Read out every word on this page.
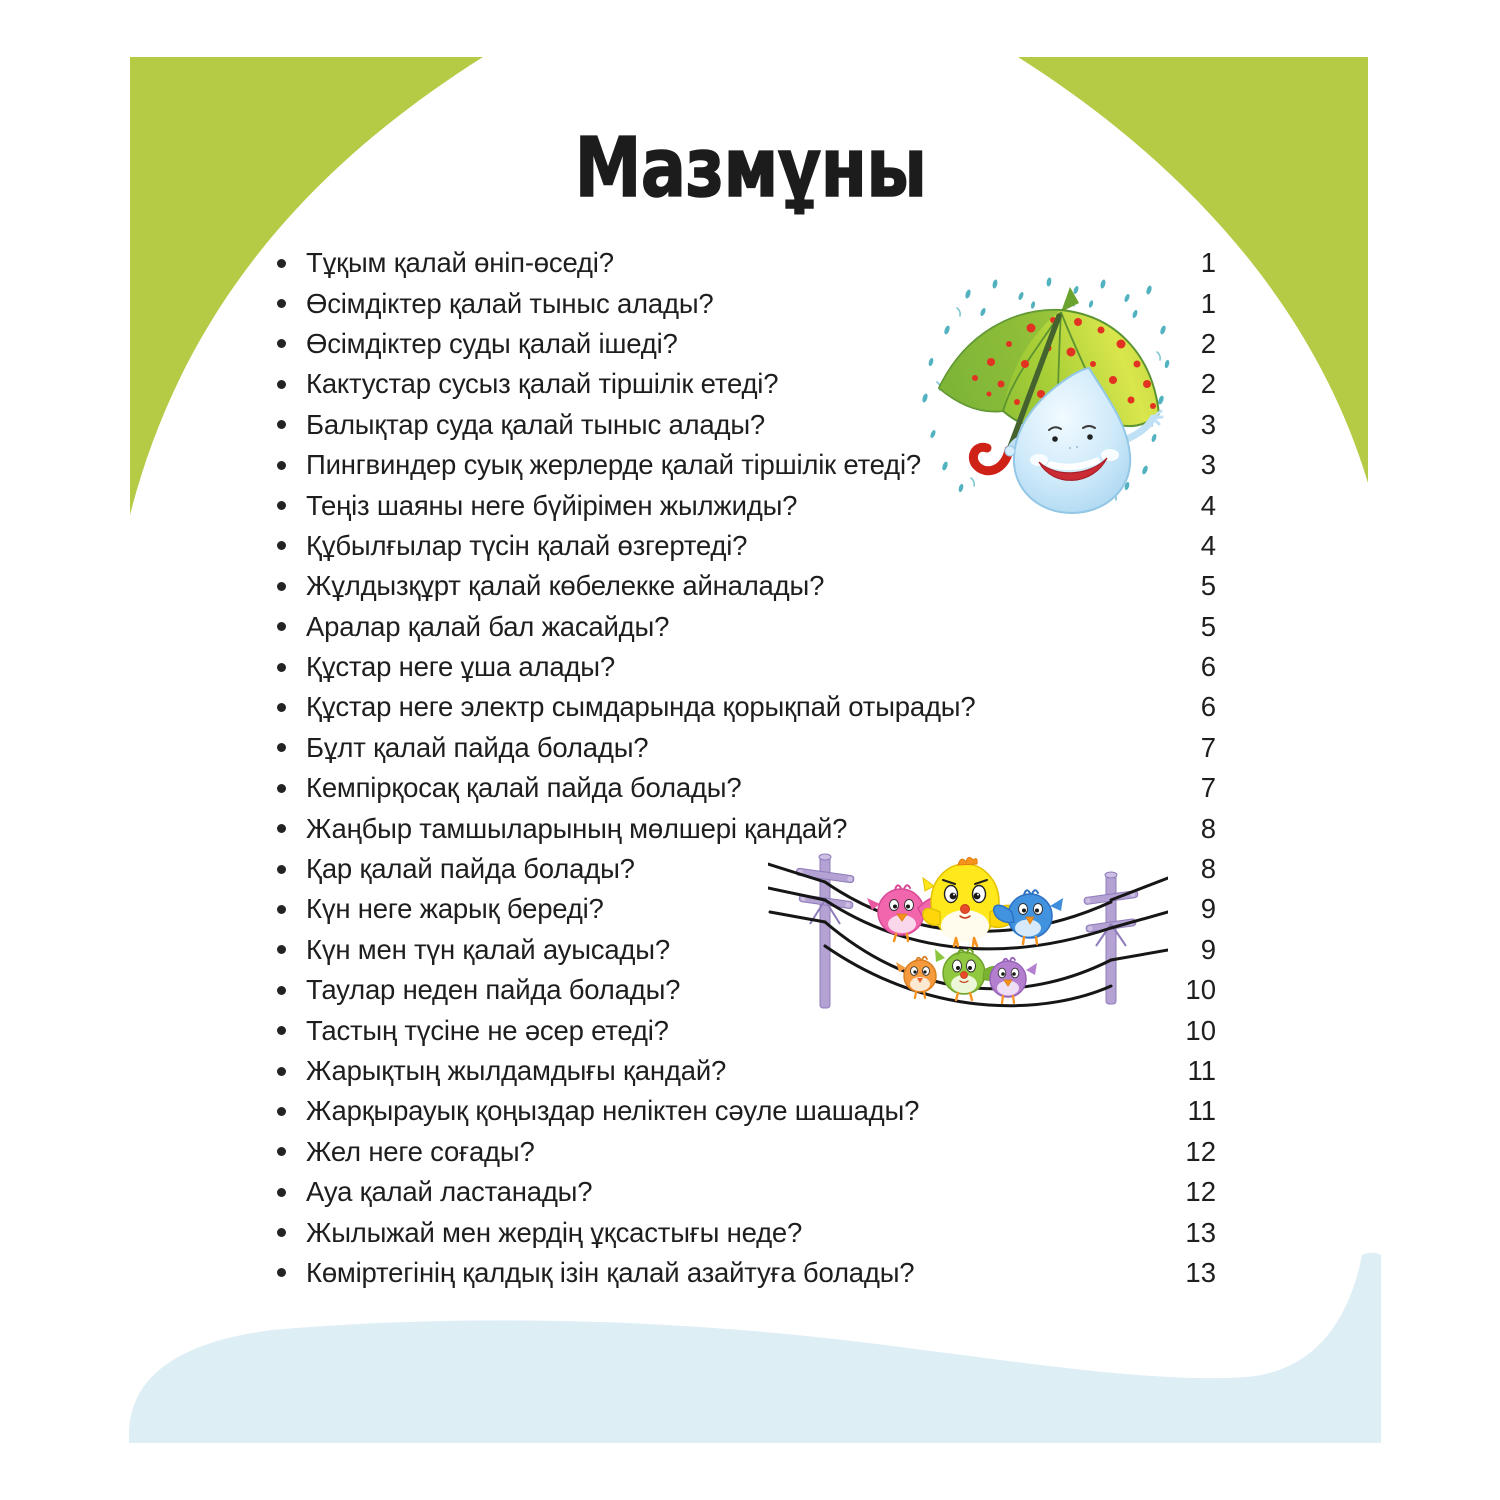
Мазмұны
Тұқым қалай өніп-өседі?	1
Өсімдіктер қалай тыныс алады?	1
Өсімдіктер суды қалай ішеді?	2
Кактустар сусыз қалай тіршілік етеді?	2
Балықтар суда қалай тыныс алады?	3
Пингвиндер суық жерлерде қалай тіршілік етеді?	3
Теңіз шаяны неге бүйірімен жылжиды?	4
Құбылғылар түсін қалай өзгертеді?	4
Жұлдызқұрт қалай көбелекке айналады?	5
Аралар қалай бал жасайды?	5
Құстар неге ұша алады?	6
Құстар неге электр сымдарында қорықпай отырады?	6
Бұлт қалай пайда болады?	7
Кемпірқосақ қалай пайда болады?	7
Жаңбыр тамшыларының мөлшері қандай?	8
Қар қалай пайда болады?	8
Күн неге жарық береді?	9
Күн мен түн қалай ауысады?	9
Таулар неден пайда болады?	10
Тастың түсіне не әсер етеді?	10
Жарықтың жылдамдығы қандай?	11
Жарқырауық қоңыздар неліктен сәуле шашады?	11
Жел неге соғады?	12
Ауа қалай ластанады?	12
Жылыжай мен жердің ұқсастығы неде?	13
Көміртегінің қалдық ізін қалай азайтуға болады?	13
